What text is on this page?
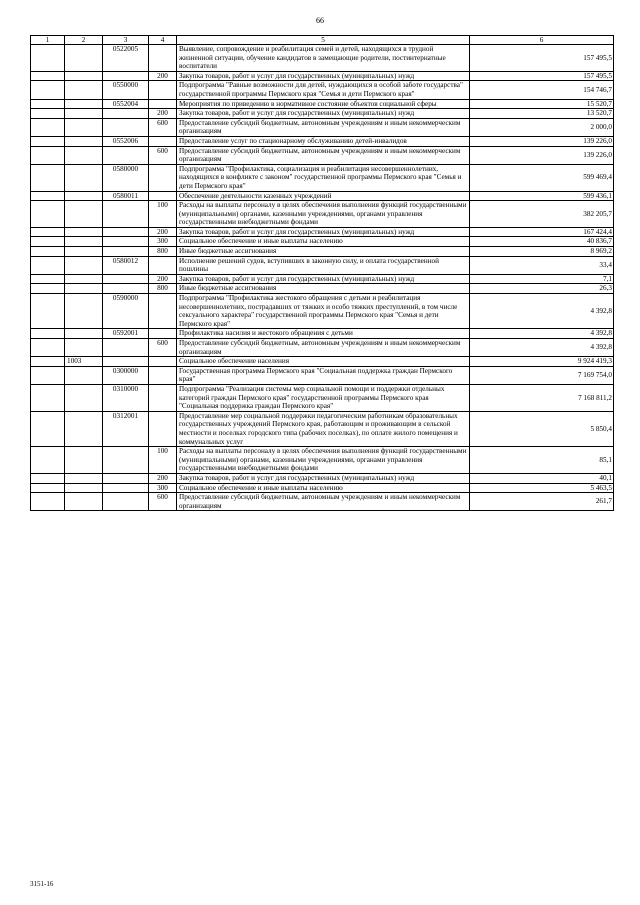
66
1	2	3	4	5	6
		0522005		Выявление, сопровождение и реабилитация семей и детей, находящихся в трудной жизненной ситуации, обучение кандидатов в замещающие родители, постинтернатные воспитатели	157 495,5
			200	Закупка товаров, работ и услуг для государственных (муниципальных) нужд	157 495,5
		0550000		Подпрограмма "Равные возможности для детей, нуждающихся в особой заботе государства" государственной программы Пермского края "Семья и дети Пермского края"	154 746,7
		0552004		Мероприятия по приведению в нормативное состояние объектов социальной сферы	15 520,7
			200	Закупка товаров, работ и услуг для государственных (муниципальных) нужд	13 520,7
			600	Предоставление субсидий бюджетным, автономным учреждениям и иным некоммерческим организациям	2 000,0
		0552006		Предоставление услуг по стационарному обслуживанию детей-инвалидов	139 226,0
			600	Предоставление субсидий бюджетным, автономным учреждениям и иным некоммерческим организациям	139 226,0
		0580000		Подпрограмма "Профилактика, социализация и реабилитация несовершеннолетних, находящихся в конфликте с законом" государственной программы Пермского края "Семья и дети Пермского края"	599 469,4
		0580011		Обеспечение деятельности казенных учреждений	599 436,1
			100	Расходы на выплаты персоналу в целях обеспечения выполнения функций государственными (муниципальными) органами, казенными учреждениями, органами управления государственными внебюджетными фондами	382 205,7
			200	Закупка товаров, работ и услуг для государственных (муниципальных) нужд	167 424,4
			300	Социальное обеспечение и иные выплаты населению	40 836,7
			800	Иные бюджетные ассигнования	8 969,2
		0580012		Исполнение решений судов, вступивших в законную силу, и оплата государственной пошлины	33,4
			200	Закупка товаров, работ и услуг для государственных (муниципальных) нужд	7,1
			800	Иные бюджетные ассигнования	26,3
		0590000		Подпрограмма "Профилактика жестокого обращения с детьми и реабилитация несовершеннолетних, пострадавших от тяжких и особо тяжких преступлений, в том числе сексуального характера" государственной программы Пермского края "Семья и дети Пермского края"	4 392,8
		0592001		Профилактика насилия и жестокого обращения с детьми	4 392,8
			600	Предоставление субсидий бюджетным, автономным учреждениям и иным некоммерческим организациям	4 392,8
	1003			Социальное обеспечение населения	9 924 419,3
		0300000		Государственная программа Пермского края "Социальная поддержка граждан Пермского края"	7 169 754,0
		0310000		Подпрограмма "Реализация системы мер социальной помощи и поддержки отдельных категорий граждан Пермского края" государственной программы Пермского края "Социальная поддержка граждан Пермского края"	7 168 811,2
		0312001		Предоставление мер социальной поддержки педагогическим работникам образовательных государственных учреждений Пермского края, работающим и проживающим в сельской местности и поселках городского типа (рабочих поселках), по оплате жилого помещения и коммунальных услуг	5 850,4
			100	Расходы на выплаты персоналу в целях обеспечения выполнения функций государственными (муниципальными) органами, казенными учреждениями, органами управления государственными внебюджетными фондами	85,1
			200	Закупка товаров, работ и услуг для государственных (муниципальных) нужд	40,1
			300	Социальное обеспечение и иные выплаты населению	5 463,5
			600	Предоставление субсидий бюджетным, автономным учреждениям и иным некоммерческим организациям	261,7
3151-16
